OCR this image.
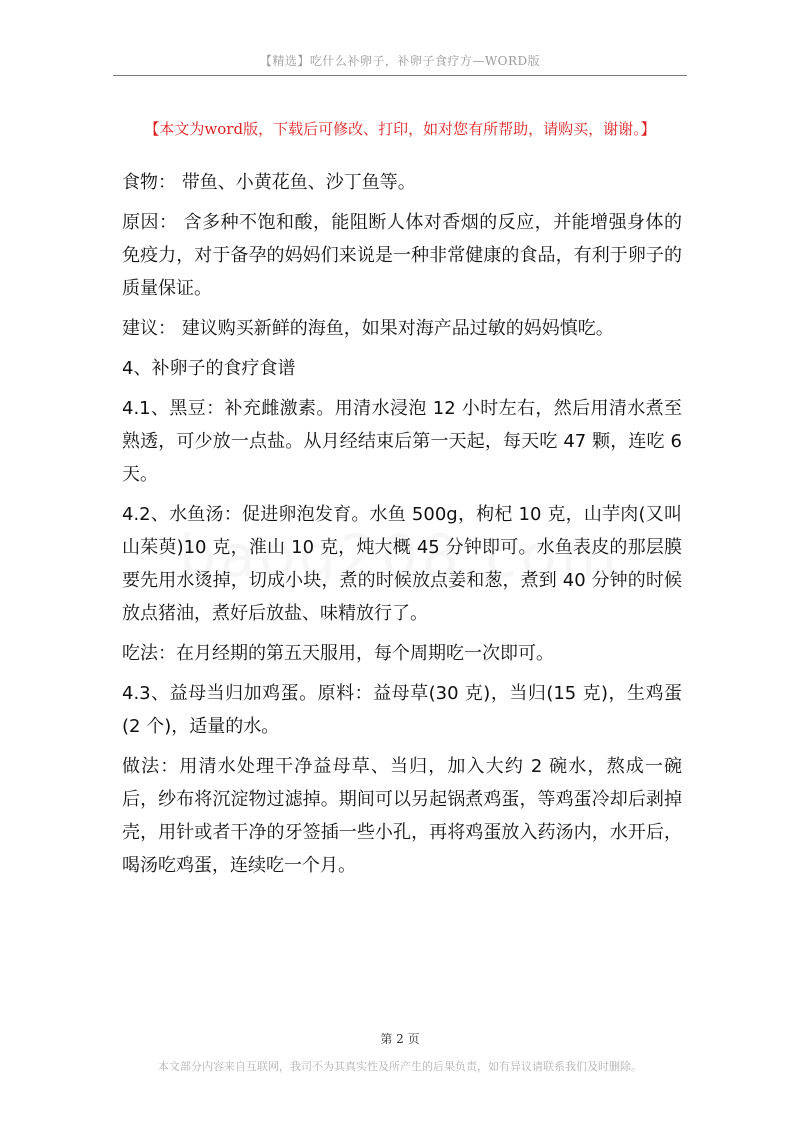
【精选】吃什么补卵子，补卵子食疗方—WORD版
【本文为word版，下载后可修改、打印，如对您有所帮助，请购买，谢谢。】

食物： 带鱼、小黄花鱼、沙丁鱼等。

原因： 含多种不饱和酸，能阻断人体对香烟的反应，并能增强身体的免疫力，对于备孕的妈妈们来说是一种非常健康的食品，有利于卵子的质量保证。

建议： 建议购买新鲜的海鱼，如果对海产品过敏的妈妈慎吃。

4、补卵子的食疗食谱

4.1、黑豆：补充雌激素。用清水浸泡 12 小时左右，然后用清水煮至熟透，可少放一点盐。从月经结束后第一天起，每天吃 47 颗，连吃 6 天。

4.2、水鱼汤：促进卵泡发育。水鱼 500g，枸杞 10 克，山芋肉(又叫山茱萸)10 克，淮山 10 克，炖大概 45 分钟即可。水鱼表皮的那层膜要先用水烫掉，切成小块，煮的时候放点姜和葱，煮到 40 分钟的时候放点猪油，煮好后放盐、味精放行了。

吃法：在月经期的第五天服用，每个周期吃一次即可。

4.3、益母当归加鸡蛋。原料：益母草(30 克)，当归(15 克)，生鸡蛋(2 个)，适量的水。

做法：用清水处理干净益母草、当归，加入大约 2 碗水，熬成一碗后，纱布将沉淀物过滤掉。期间可以另起锅煮鸡蛋，等鸡蛋冷却后剥掉壳，用针或者干净的牙签插一些小孔，再将鸡蛋放入药汤内，水开后，喝汤吃鸡蛋，连续吃一个月。

第 2 页
本文部分内容来自互联网，我司不为其真实性及所产生的后果负责，如有异议请联系我们及时删除。
